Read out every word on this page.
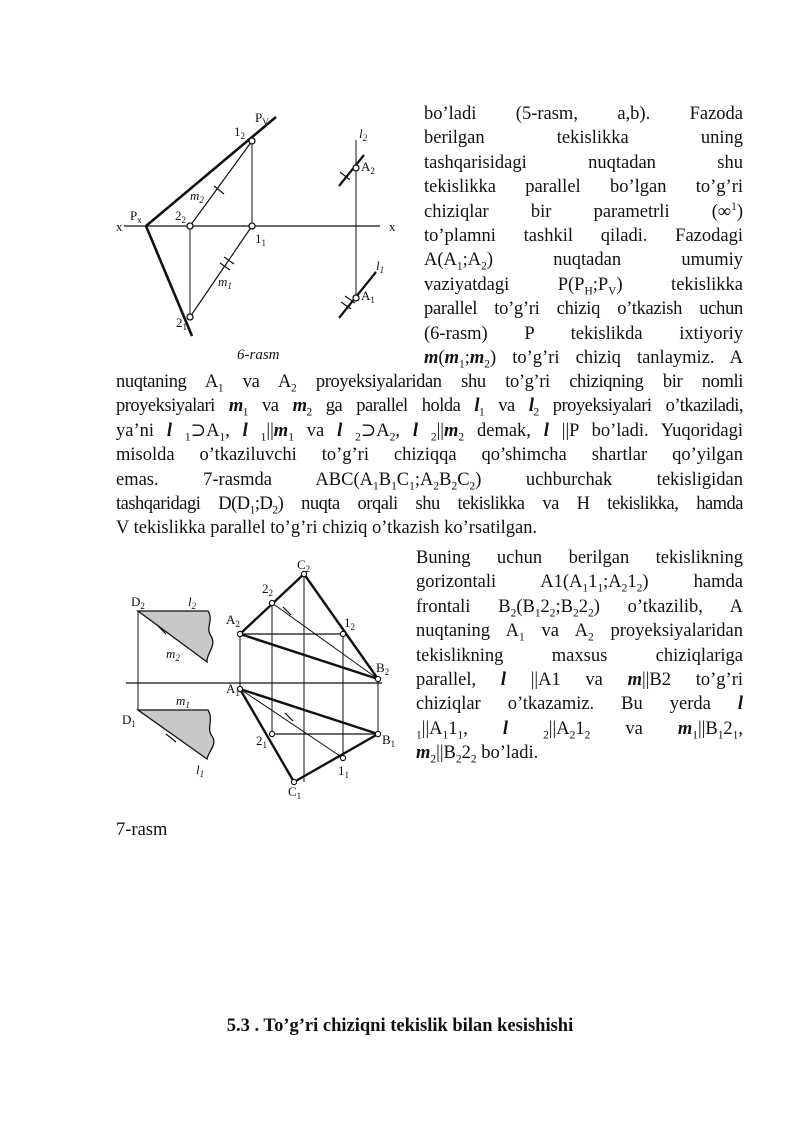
x	x
$P_x$
$P_V$
$1_2$
$2_2$
$1_1$
$2_1$
$m_2$
$m_1$
$l_2$
$A_2$
$l_1$
$A_1$
6-rasm
bo’ladi (5-rasm, a,b). Fazoda
berilgan tekislikka uning
tashqarisidagi nuqtadan shu
tekislikka parallel bo’lgan to’g’ri
chiziqlar bir parametrli (∞$^1$)
to’plamni tashkil qiladi. Fazodagi
$A(A_1;A_2)$ nuqtadan umumiy
vaziyatdagi $P(P_H;P_V)$ tekislikka
parallel to’g’ri chiziq o’tkazish uchun
(6-rasm) P tekislikda ixtiyoriy
$m(m_1;m_2)$ to’g’ri chiziq tanlaymiz. A
nuqtaning $A_1$ va $A_2$ proyeksiyalaridan shu to’g’ri chiziqning bir nomli
proyeksiyalari $m_1$ va $m_2$ ga parallel holda $l_1$ va $l_2$ proyeksiyalari o’tkaziladi,
ya’ni l $_1⊃A_1$, l $_1||m_1$ va l $_2⊃A_2$, l $_2||m_2$ demak, l ||P bo’ladi. Yuqoridagi
misolda o’tkaziluvchi to’g’ri chiziqqa qo’shimcha shartlar qo’yilgan
emas. 7-rasmda $ABC(A_1B_1C_1;A_2B_2C_2)$ uchburchak tekisligidan
tashqaridagi $D(D_1;D_2)$ nuqta orqali shu tekislikka va H tekislikka, hamda
V tekislikka parallel to’g’ri chiziq o’tkazish ko’rsatilgan.
$C_2$
$2_2$
$D_2$	$l_2$
$A_2$	$1_2$
$m_2$
$B_2$
$A_1$
$m_1$
$D_1$
$2_1$	$B_1$
$l_1$	$1_1$
$C_1$
Buning uchun berilgan tekislikning
gorizontali $A1(A_11_1;A_21_2)$ hamda
frontali $B_2(B_12_2;B_22_2)$ o’tkazilib, A
nuqtaning $A_1$ va $A_2$ proyeksiyalaridan
tekislikning maxsus chiziqlariga
parallel, l ||A1 va m||B2 to’g’ri
chiziqlar o’tkazamiz. Bu yerda l
$_1||A_11_1$, l	$_2||A_21_2$ va $m_1||B_12_1$,
$m_2||B_22_2$ bo’ladi.
7-rasm
5.3 . To’g’ri chiziqni tekislik bilan kesishishi
